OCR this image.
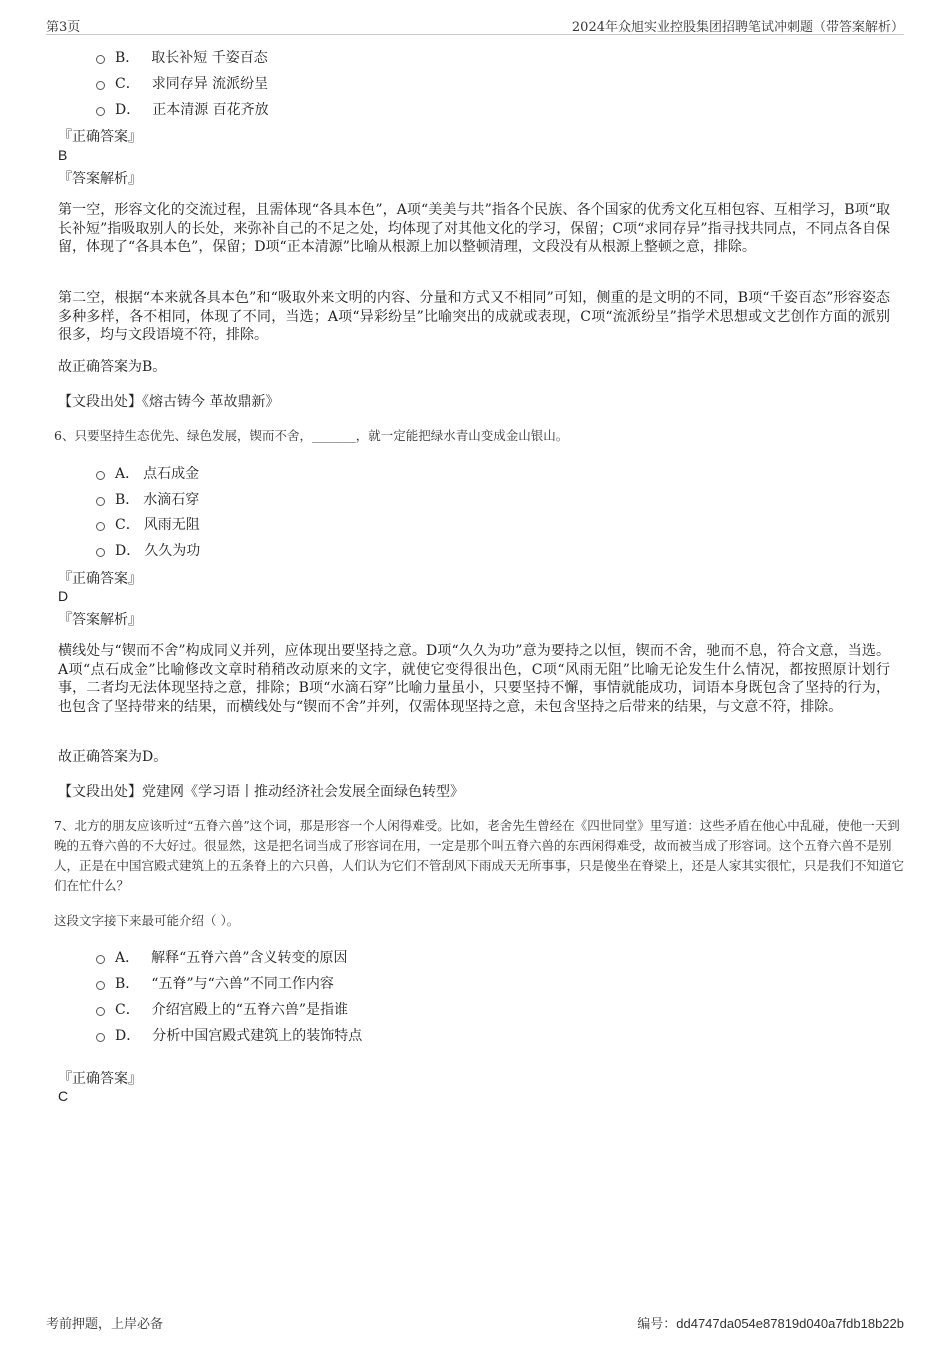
第3页	2024年众旭实业控股集团招聘笔试冲刺题（带答案解析）
B． 取长补短 千姿百态
C． 求同存异 流派纷呈
D． 正本清源 百花齐放
『正确答案』
B
『答案解析』
第一空，形容文化的交流过程，且需体现“各具本色”，A项“美美与共”指各个民族、各个国家的优秀文化互相包容、互相学习，B项“取长补短”指吸取别人的长处，来弥补自己的不足之处，均体现了对其他文化的学习，保留；C项“求同存异”指寻找共同点，不同点各自保留，体现了“各具本色”，保留；D项“正本清源”比喻从根源上加以整顿清理，文段没有从根源上整顿之意，排除。
第二空，根据“本来就各具本色”和“吸取外来文明的内容、分量和方式又不相同”可知，侧重的是文明的不同，B项“千姿百态”形容姿态多种多样，各不相同，体现了不同，当选；A项“异彩纷呈”比喻突出的成就或表现，C项“流派纷呈”指学术思想或文艺创作方面的派别很多，均与文段语境不符，排除。
故正确答案为B。
【文段出处】《熔古铸今 革故鼎新》
6、只要坚持生态优先、绿色发展，锲而不舍，_______，就一定能把绿水青山变成金山银山。
A． 点石成金
B． 水滴石穿
C． 风雨无阻
D． 久久为功
『正确答案』
D
『答案解析』
横线处与“锲而不舍”构成同义并列，应体现出要坚持之意。D项“久久为功”意为要持之以恒，锲而不舍，驰而不息，符合文意，当选。A项“点石成金”比喻修改文章时稍稍改动原来的文字，就使它变得很出色，C项“风雨无阻”比喻无论发生什么情况，都按照原计划行事，二者均无法体现坚持之意，排除；B项“水滴石穿”比喻力量虽小，只要坚持不懈，事情就能成功，词语本身既包含了坚持的行为，也包含了坚持带来的结果，而横线处与“锲而不舍”并列，仅需体现坚持之意，未包含坚持之后带来的结果，与文意不符，排除。
故正确答案为D。
【文段出处】党建网《学习语丨推动经济社会发展全面绿色转型》
7、北方的朋友应该听过“五脊六兽”这个词，那是形容一个人闲得难受。比如，老舍先生曾经在《四世同堂》里写道：这些矛盾在他心中乱碰，使他一天到晚的五脊六兽的不大好过。很显然，这是把名词当成了形容词在用，一定是那个叫五脊六兽的东西闲得难受，故而被当成了形容词。这个五脊六兽不是别人，正是在中国宫殿式建筑上的五条脊上的六只兽，人们认为它们不管刮风下雨成天无所事事，只是傻坐在脊梁上，还是人家其实很忙，只是我们不知道它们在忙什么？
这段文字接下来最可能介绍（ ）。
A． 解释“五脊六兽”含义转变的原因
B． “五脊”与“六兽”不同工作内容
C． 介绍宫殿上的“五脊六兽”是指谁
D． 分析中国宫殿式建筑上的装饰特点
『正确答案』
C
考前押题，上岸必备	编号：dd4747da054e87819d040a7fdb18b22b
